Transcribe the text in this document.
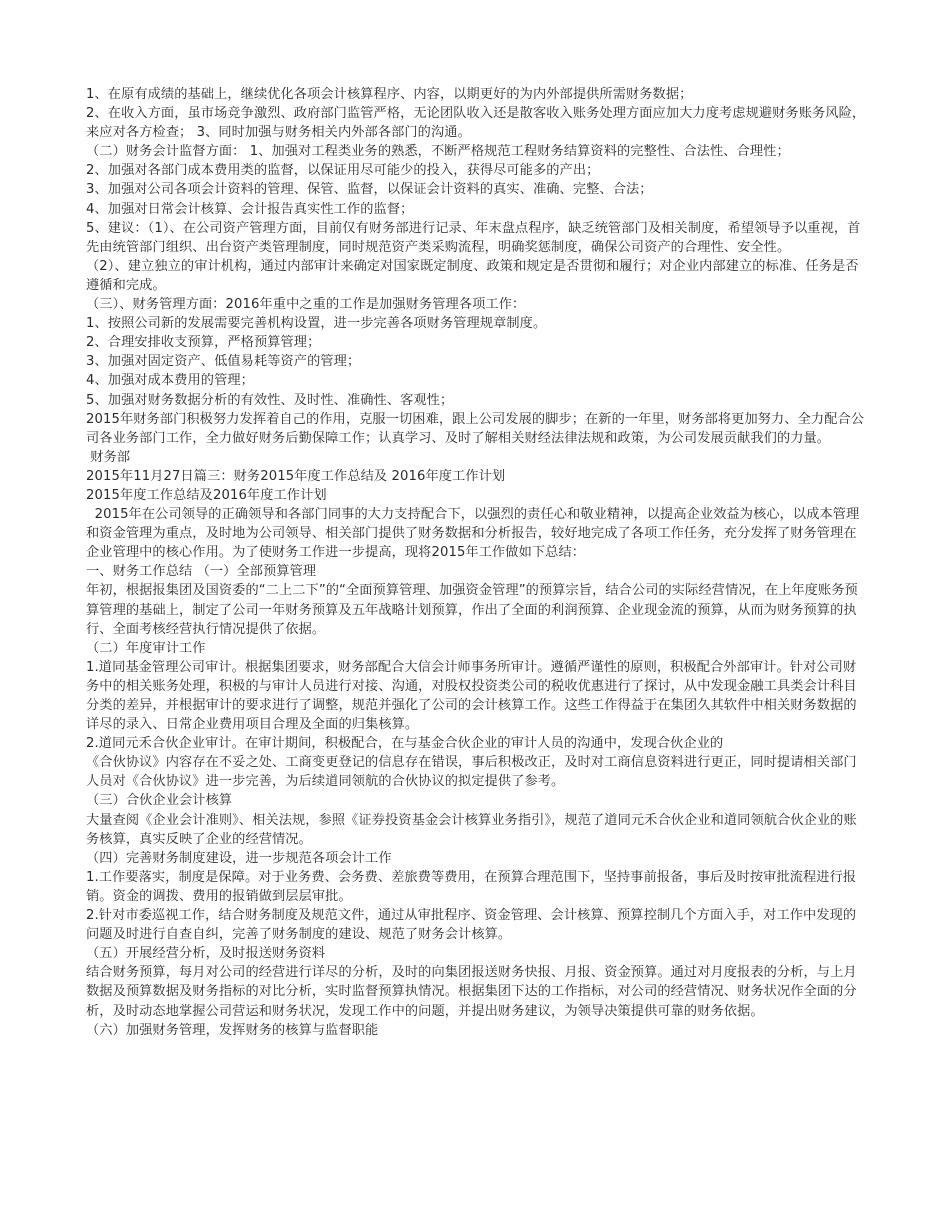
1、在原有成绩的基础上，继续优化各项会计核算程序、内容，以期更好的为内外部提供所需财务数据；

2、在收入方面，虽市场竞争激烈、政府部门监管严格，无论团队收入还是散客收入账务处理方面应加大力度考虑规避财务账务风险，来应对各方检查； 3、同时加强与财务相关内外部各部门的沟通。

（二）财务会计监督方面： 1、加强对工程类业务的熟悉，不断严格规范工程财务结算资料的完整性、合法性、合理性；

2、加强对各部门成本费用类的监督，以保证用尽可能少的投入，获得尽可能多的产出；

3、加强对公司各项会计资料的管理、保管、监督，以保证会计资料的真实、准确、完整、合法；

4、加强对日常会计核算、会计报告真实性工作的监督；

5、建议：（1）、在公司资产管理方面，目前仅有财务部进行记录、年末盘点程序，缺乏统管部门及相关制度，希望领导予以重视，首先由统管部门组织、出台资产类管理制度，同时规范资产类采购流程，明确奖惩制度，确保公司资产的合理性、安全性。

（2）、建立独立的审计机构，通过内部审计来确定对国家既定制度、政策和规定是否贯彻和履行；对企业内部建立的标准、任务是否遵循和完成。

（三）、财务管理方面：2016年重中之重的工作是加强财务管理各项工作：

1、按照公司新的发展需要完善机构设置，进一步完善各项财务管理规章制度。

2、合理安排收支预算，严格预算管理；

3、加强对固定资产、低值易耗等资产的管理；

4、加强对成本费用的管理；

5、加强对财务数据分析的有效性、及时性、准确性、客观性；

2015年财务部门积极努力发挥着自己的作用，克服一切困难，跟上公司发展的脚步；在新的一年里，财务部将更加努力、全力配合公司各业务部门工作，全力做好财务后勤保障工作；认真学习、及时了解相关财经法律法规和政策，为公司发展贡献我们的力量。

财务部

2015年11月27日篇三：财务2015年度工作总结及 2016年度工作计划

2015年度工作总结及2016年度工作计划

2015年在公司领导的正确领导和各部门同事的大力支持配合下，以强烈的责任心和敬业精神，以提高企业效益为核心，以成本管理和资金管理为重点，及时地为公司领导、相关部门提供了财务数据和分析报告，较好地完成了各项工作任务，充分发挥了财务管理在企业管理中的核心作用。为了使财务工作进一步提高，现将2015年工作做如下总结：

一、财务工作总结 （一）全部预算管理

年初，根据报集团及国资委的“二上二下”的“全面预算管理、加强资金管理”的预算宗旨，结合公司的实际经营情况，在上年度账务预算管理的基础上，制定了公司一年财务预算及五年战略计划预算，作出了全面的利润预算、企业现金流的预算，从而为财务预算的执行、全面考核经营执行情况提供了依据。

（二）年度审计工作

1.道同基金管理公司审计。根据集团要求，财务部配合大信会计师事务所审计。遵循严谨性的原则，积极配合外部审计。针对公司财务中的相关账务处理，积极的与审计人员进行对接、沟通，对股权投资类公司的税收优惠进行了探讨，从中发现金融工具类会计科目分类的差异，并根据审计的要求进行了调整，规范并强化了公司的会计核算工作。这些工作得益于在集团久其软件中相关财务数据的详尽的录入、日常企业费用项目合理及全面的归集核算。

2.道同元禾合伙企业审计。在审计期间，积极配合，在与基金合伙企业的审计人员的沟通中，发现合伙企业的

《合伙协议》内容存在不妥之处、工商变更登记的信息存在错误，事后积极改正，及时对工商信息资料进行更正，同时提请相关部门人员对《合伙协议》进一步完善，为后续道同领航的合伙协议的拟定提供了参考。

（三）合伙企业会计核算

大量查阅《企业会计准则》、相关法规，参照《证券投资基金会计核算业务指引》，规范了道同元禾合伙企业和道同领航合伙企业的账务核算，真实反映了企业的经营情况。

（四）完善财务制度建设，进一步规范各项会计工作

1.工作要落实，制度是保障。对于业务费、会务费、差旅费等费用，在预算合理范围下，坚持事前报备，事后及时按审批流程进行报销。资金的调拨、费用的报销做到层层审批。

2.针对市委巡视工作，结合财务制度及规范文件，通过从审批程序、资金管理、会计核算、预算控制几个方面入手，对工作中发现的问题及时进行自查自纠，完善了财务制度的建设、规范了财务会计核算。

（五）开展经营分析，及时报送财务资料

结合财务预算，每月对公司的经营进行详尽的分析，及时的向集团报送财务快报、月报、资金预算。通过对月度报表的分析，与上月数据及预算数据及财务指标的对比分析，实时监督预算执情况。根据集团下达的工作指标，对公司的经营情况、财务状况作全面的分析，及时动态地掌握公司营运和财务状况，发现工作中的问题，并提出财务建议，为领导决策提供可靠的财务依据。

（六）加强财务管理，发挥财务的核算与监督职能
